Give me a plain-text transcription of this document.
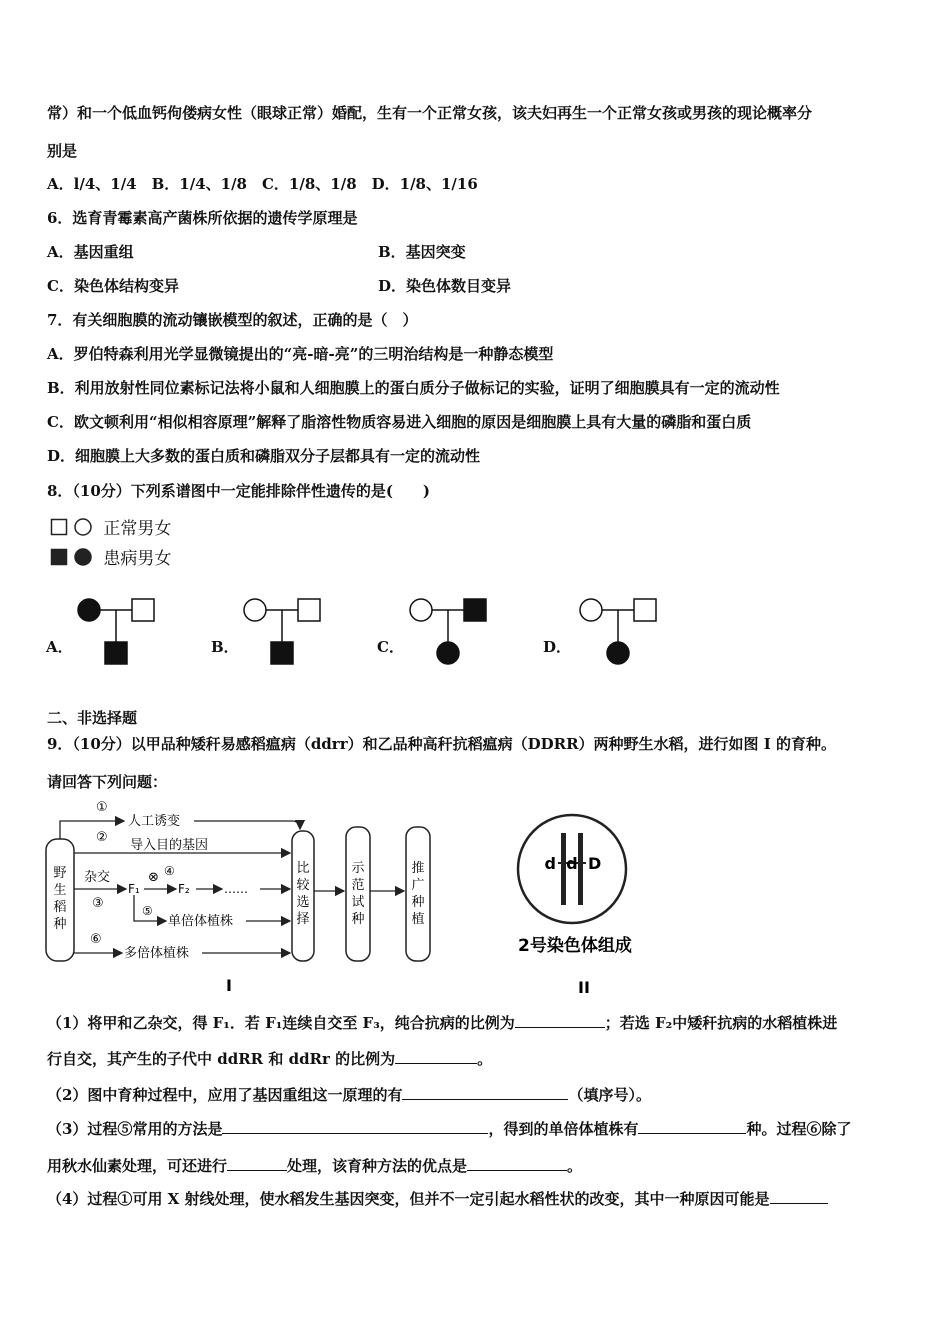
常）和一个低血钙佝偻病女性（眼球正常）婚配，生有一个正常女孩，该夫妇再生一个正常女孩或男孩的现论概率分
别是
A．l/4、1/4　B．1/4、1/8　C．1/8、1/8　D．1/8、1/16
6．选育青霉素高产菌株所依据的遗传学原理是
A．基因重组	B．基因突变
C．染色体结构变异	D．染色体数目变异
7．有关细胞膜的流动镶嵌模型的叙述，正确的是（　）
A．罗伯特森利用光学显微镜提出的“亮-暗-亮”的三明治结构是一种静态模型
B．利用放射性同位素标记法将小鼠和人细胞膜上的蛋白质分子做标记的实验，证明了细胞膜具有一定的流动性
C．欧文顿利用“相似相容原理”解释了脂溶性物质容易进入细胞的原因是细胞膜上具有大量的磷脂和蛋白质
D．细胞膜上大多数的蛋白质和磷脂双分子层都具有一定的流动性
8．（10分）下列系谱图中一定能排除伴性遗传的是(　　)
正常男女
患病男女
A．	B．	C．	D．
二、非选择题
9．（10分）以甲品种矮秆易感稻瘟病（ddrr）和乙品种高秆抗稻瘟病（DDRR）两种野生水稻，进行如图 I 的育种。
请回答下列问题：
野
生
稻
种
①
人工诱变
②
导入目的基因
杂交
③
F₁
⊗ ④
F₂	……
⑤
单倍体植株
⑥
多倍体植株
比
较
选
择
示
范
试
种
推
广
种
植
I
d d D
2号染色体组成
II
（1）将甲和乙杂交，得 F₁．若 F₁连续自交至 F₃，纯合抗病的比例为	；若选 F₂中矮秆抗病的水稻植株进
行自交，其产生的子代中 ddRR 和 ddRr 的比例为	。
（2）图中育种过程中，应用了基因重组这一原理的有	（填序号）。
（3）过程⑤常用的方法是	，得到的单倍体植株有	种。过程⑥除了
用秋水仙素处理，可还进行	处理，该育种方法的优点是	。
（4）过程①可用 X 射线处理，使水稻发生基因突变，但并不一定引起水稻性状的改变，其中一种原因可能是
